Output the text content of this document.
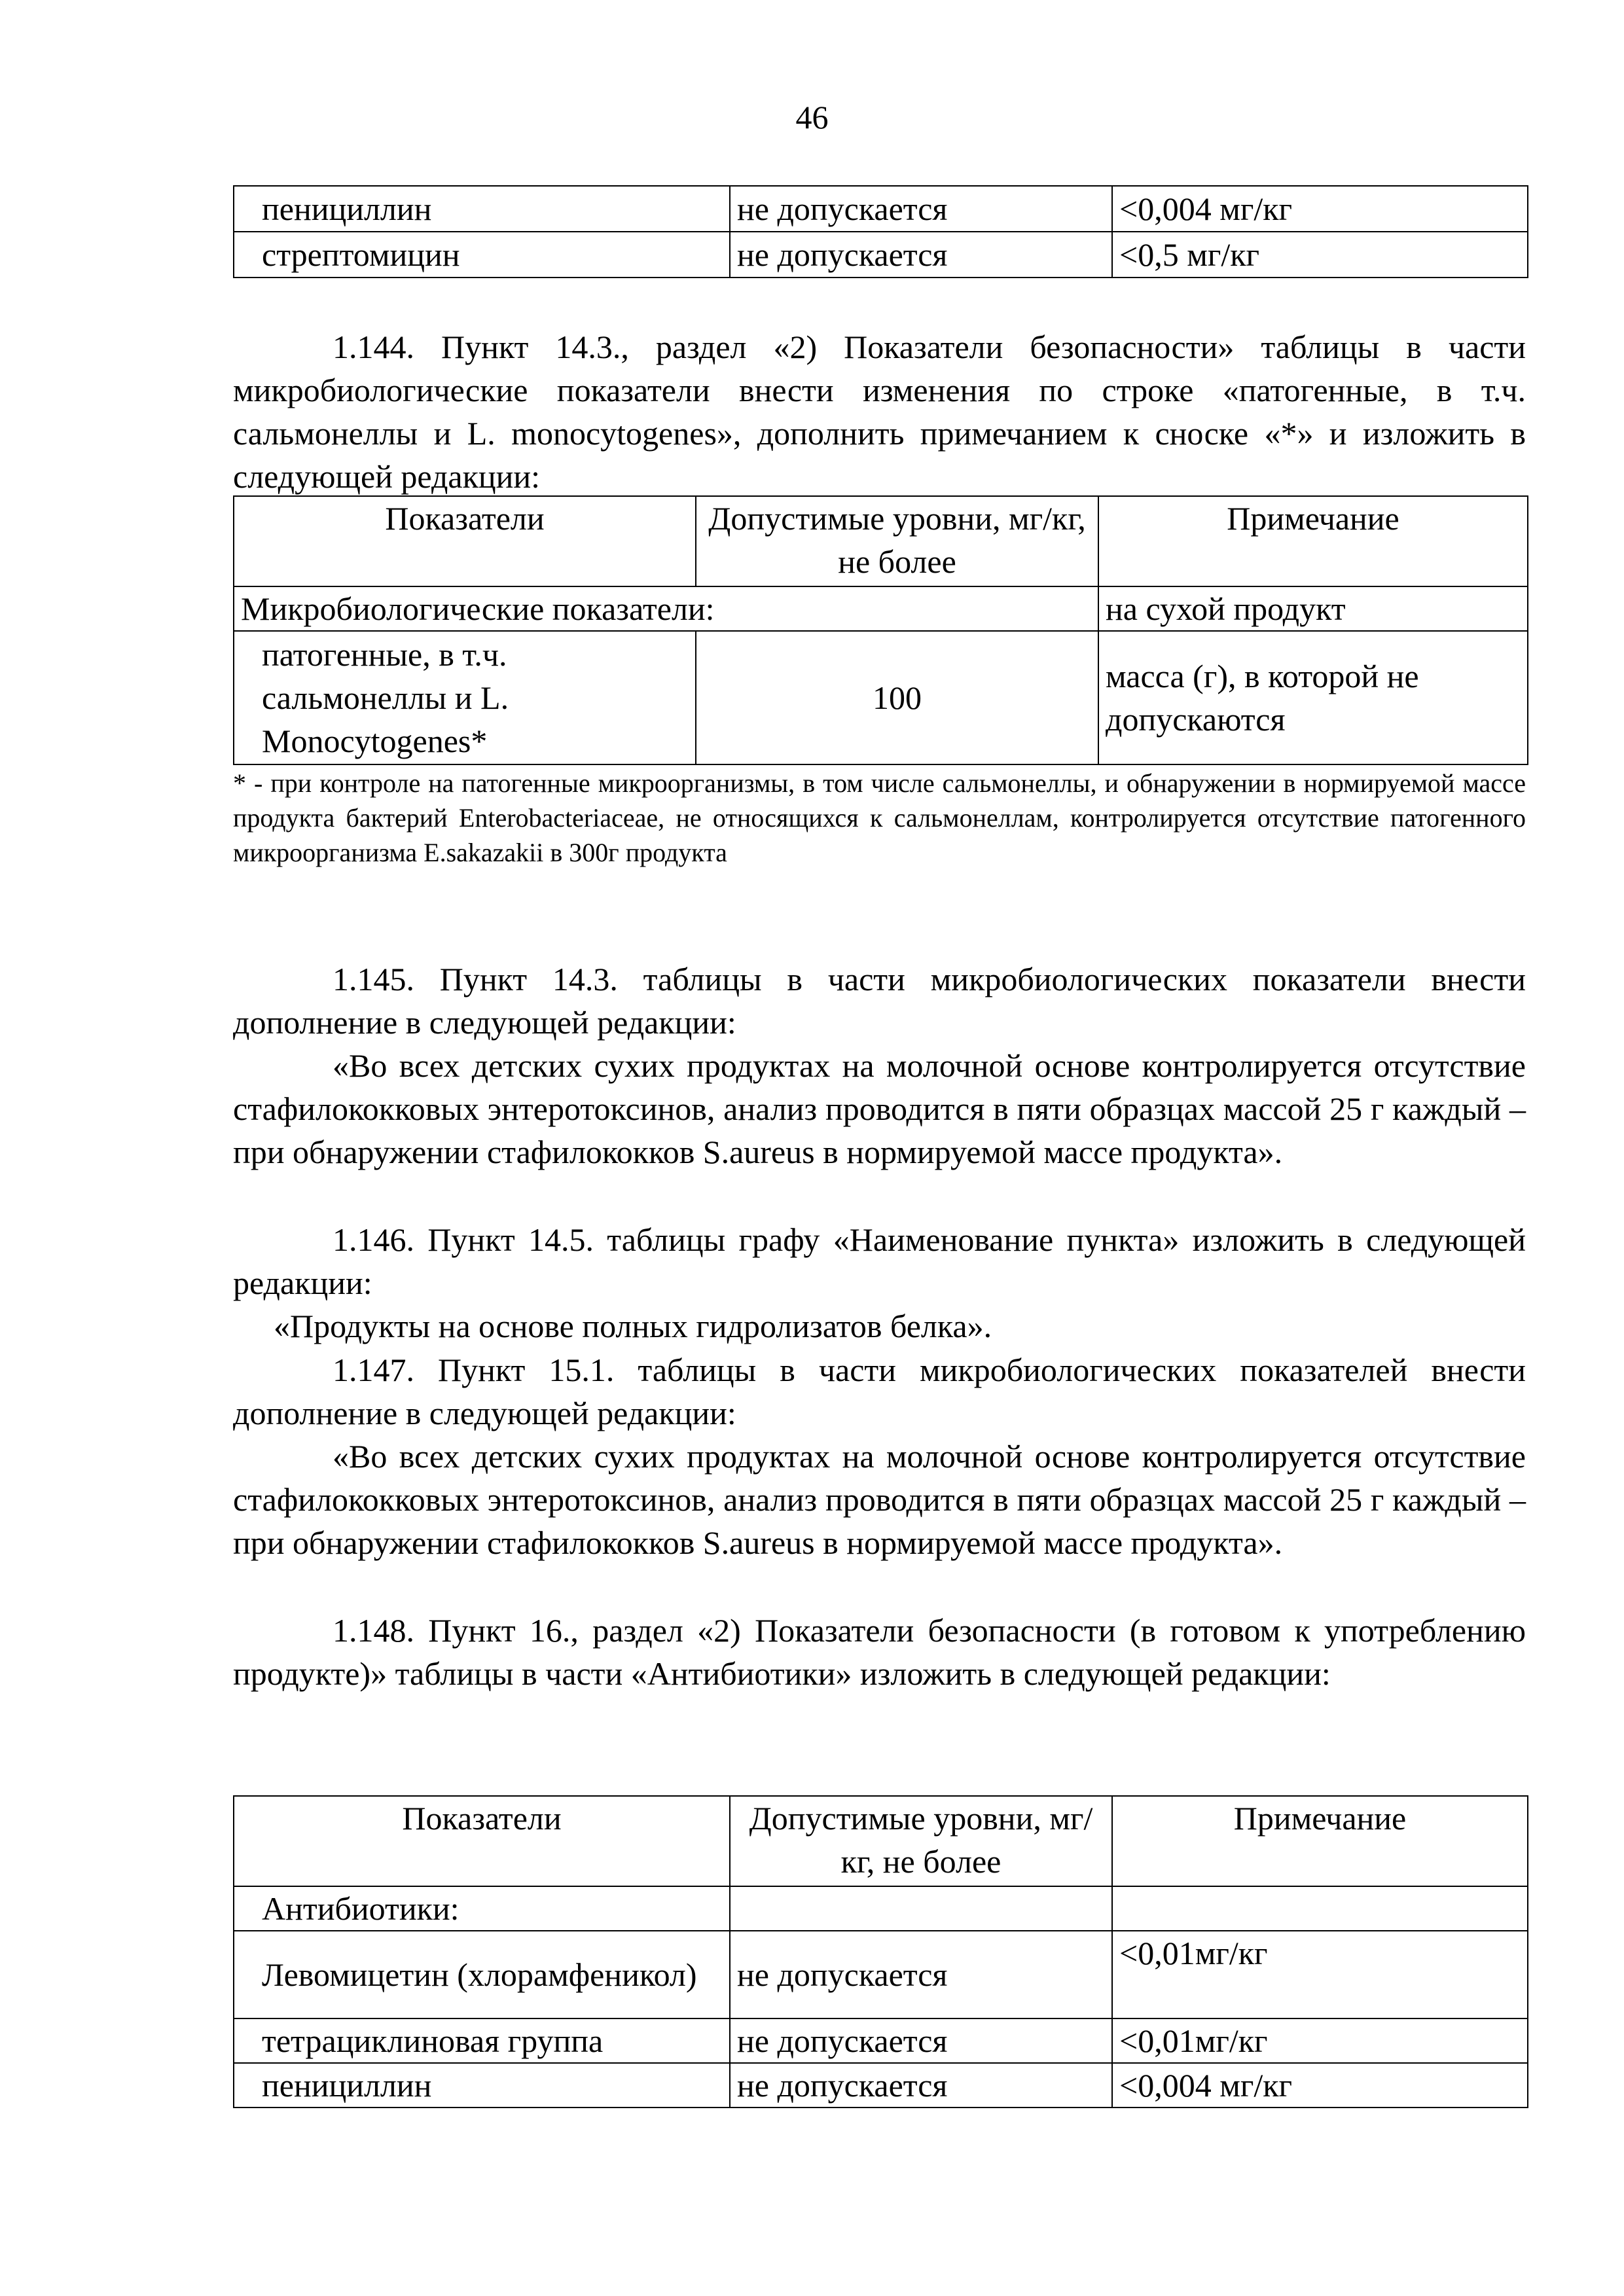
46
пенициллин	не допускается	<0,004 мг/кг
стрептомицин	не допускается	<0,5 мг/кг
1.144. Пункт 14.3., раздел «2) Показатели безопасности» таблицы в части микробиологические показатели внести изменения по строке «патогенные, в т.ч. сальмонеллы и L. monocytogenes», дополнить примечанием к сноске «*» и изложить в следующей редакции:
Показатели	Допустимые уровни, мг/кг, не более	Примечание
Микробиологические показатели:		на сухой продукт
патогенные, в т.ч. сальмонеллы и L. Monocytogenes*	100	масса (г), в которой не допускаются
* - при контроле на патогенные микроорганизмы, в том числе сальмонеллы, и обнаружении в нормируемой массе продукта бактерий Enterobacteriaceae, не относящихся к сальмонеллам, контролируется отсутствие патогенного микроорганизма E.sakazakii в 300г продукта
1.145. Пункт 14.3. таблицы в части микробиологических показатели внести дополнение в следующей редакции:
«Во всех детских сухих продуктах на молочной основе контролируется отсутствие стафилококковых энтеротоксинов, анализ проводится в пяти образцах массой 25 г каждый – при обнаружении стафилококков S.aureus в нормируемой массе продукта».
1.146. Пункт 14.5. таблицы графу «Наименование пункта» изложить в следующей редакции:
«Продукты на основе полных гидролизатов белка».
1.147. Пункт 15.1. таблицы в части микробиологических показателей внести дополнение в следующей редакции:
«Во всех детских сухих продуктах на молочной основе контролируется отсутствие стафилококковых энтеротоксинов, анализ проводится в пяти образцах массой 25 г каждый – при обнаружении стафилококков S.aureus в нормируемой массе продукта».
1.148. Пункт 16., раздел «2) Показатели безопасности (в готовом к употреблению продукте)» таблицы в части «Антибиотики» изложить в следующей редакции:
Показатели	Допустимые уровни, мг/кг, не более	Примечание
Антибиотики:		
Левомицетин (хлорамфеникол)	не допускается	<0,01мг/кг
тетрациклиновая группа	не допускается	<0,01мг/кг
пенициллин	не допускается	<0,004 мг/кг
